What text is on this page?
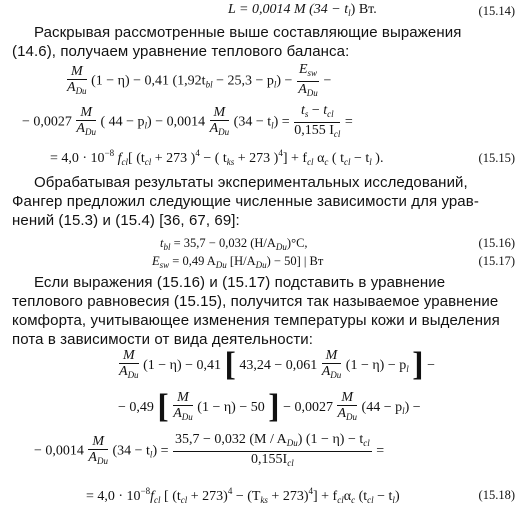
L = 0,0014 M $(34 - t_l)$ Вт.	(15.14)
Раскрывая рассмотренные выше составляющие выражения
(14.6), получаем уравнение теплового баланса:
$\frac{M}{A_{Du}} (1 - \eta) - 0,41$ $(1,92t_{bl} - 25,3 - p_l) - \frac{E_{sw}}{A_{Du}}$ −
− $0,0027 \frac{M}{A_{Du}}$ ( $44 - p_l) - 0,0014 \frac{M}{A_{Du}} (34 - t_l) = \frac{t_s - t_{cl}}{0,155 I_{cl}}$ =
= $4,0 \cdot 10^{-8}$ $f_{cl}$[ ($t_{cl} + 273$ )$^4$ − ( $t_{ks} + 273$ )$^4] + f_{cl}$ $\alpha_c$ ( $t_{cl} - t_l$ ).	(15.15)
Обрабатывая результаты экспериментальных исследований,
Фангер предложил следующие численные зависимости для урав-
нений (15.3) и (15.4) [36, 67, 69]:
$t_{bl} = 35,7 - 0,032$ $(H/A_{Du})^\circ C$,	(15.16)
$E_{sw} = 0,49$ $A_{Du}$ $[H/A_{Du}) - 50$] | Вт	(15.17)
Если выражения (15.16) и (15.17) подставить в уравнение
теплового равновесия (15.15), получится так называемое уравнение
комфорта, учитывающее изменения температуры кожи и выделения
пота в зависимости от вида деятельности:
$\frac{M}{A_{Du}} (1 - \eta) - 0,41$ [ $43,24 - 0,061 \frac{M}{A_{Du}} (1 - \eta) - p_l$ ] −
− 0,49 [ $\frac{M}{A_{Du}} (1 - \eta) - 50$ ] − $0,0027 \frac{M}{A_{Du}} (44 - p_l)$ −
− $0,0014 \frac{M}{A_{Du}} (34 - t_l) = \frac{35,7 - 0,032 (M / A_{Du}) (1 - \eta) - t_{cl}}{0,155I_{cl}}$ =
= $4,0 \cdot 10^{-8}f_{cl}$ [ $(t_{cl} + 273)^4 - (T_{ks} + 273)^4] + f_{cl}\alpha_c$ $(t_{cl} - t_l)$	(15.18)
